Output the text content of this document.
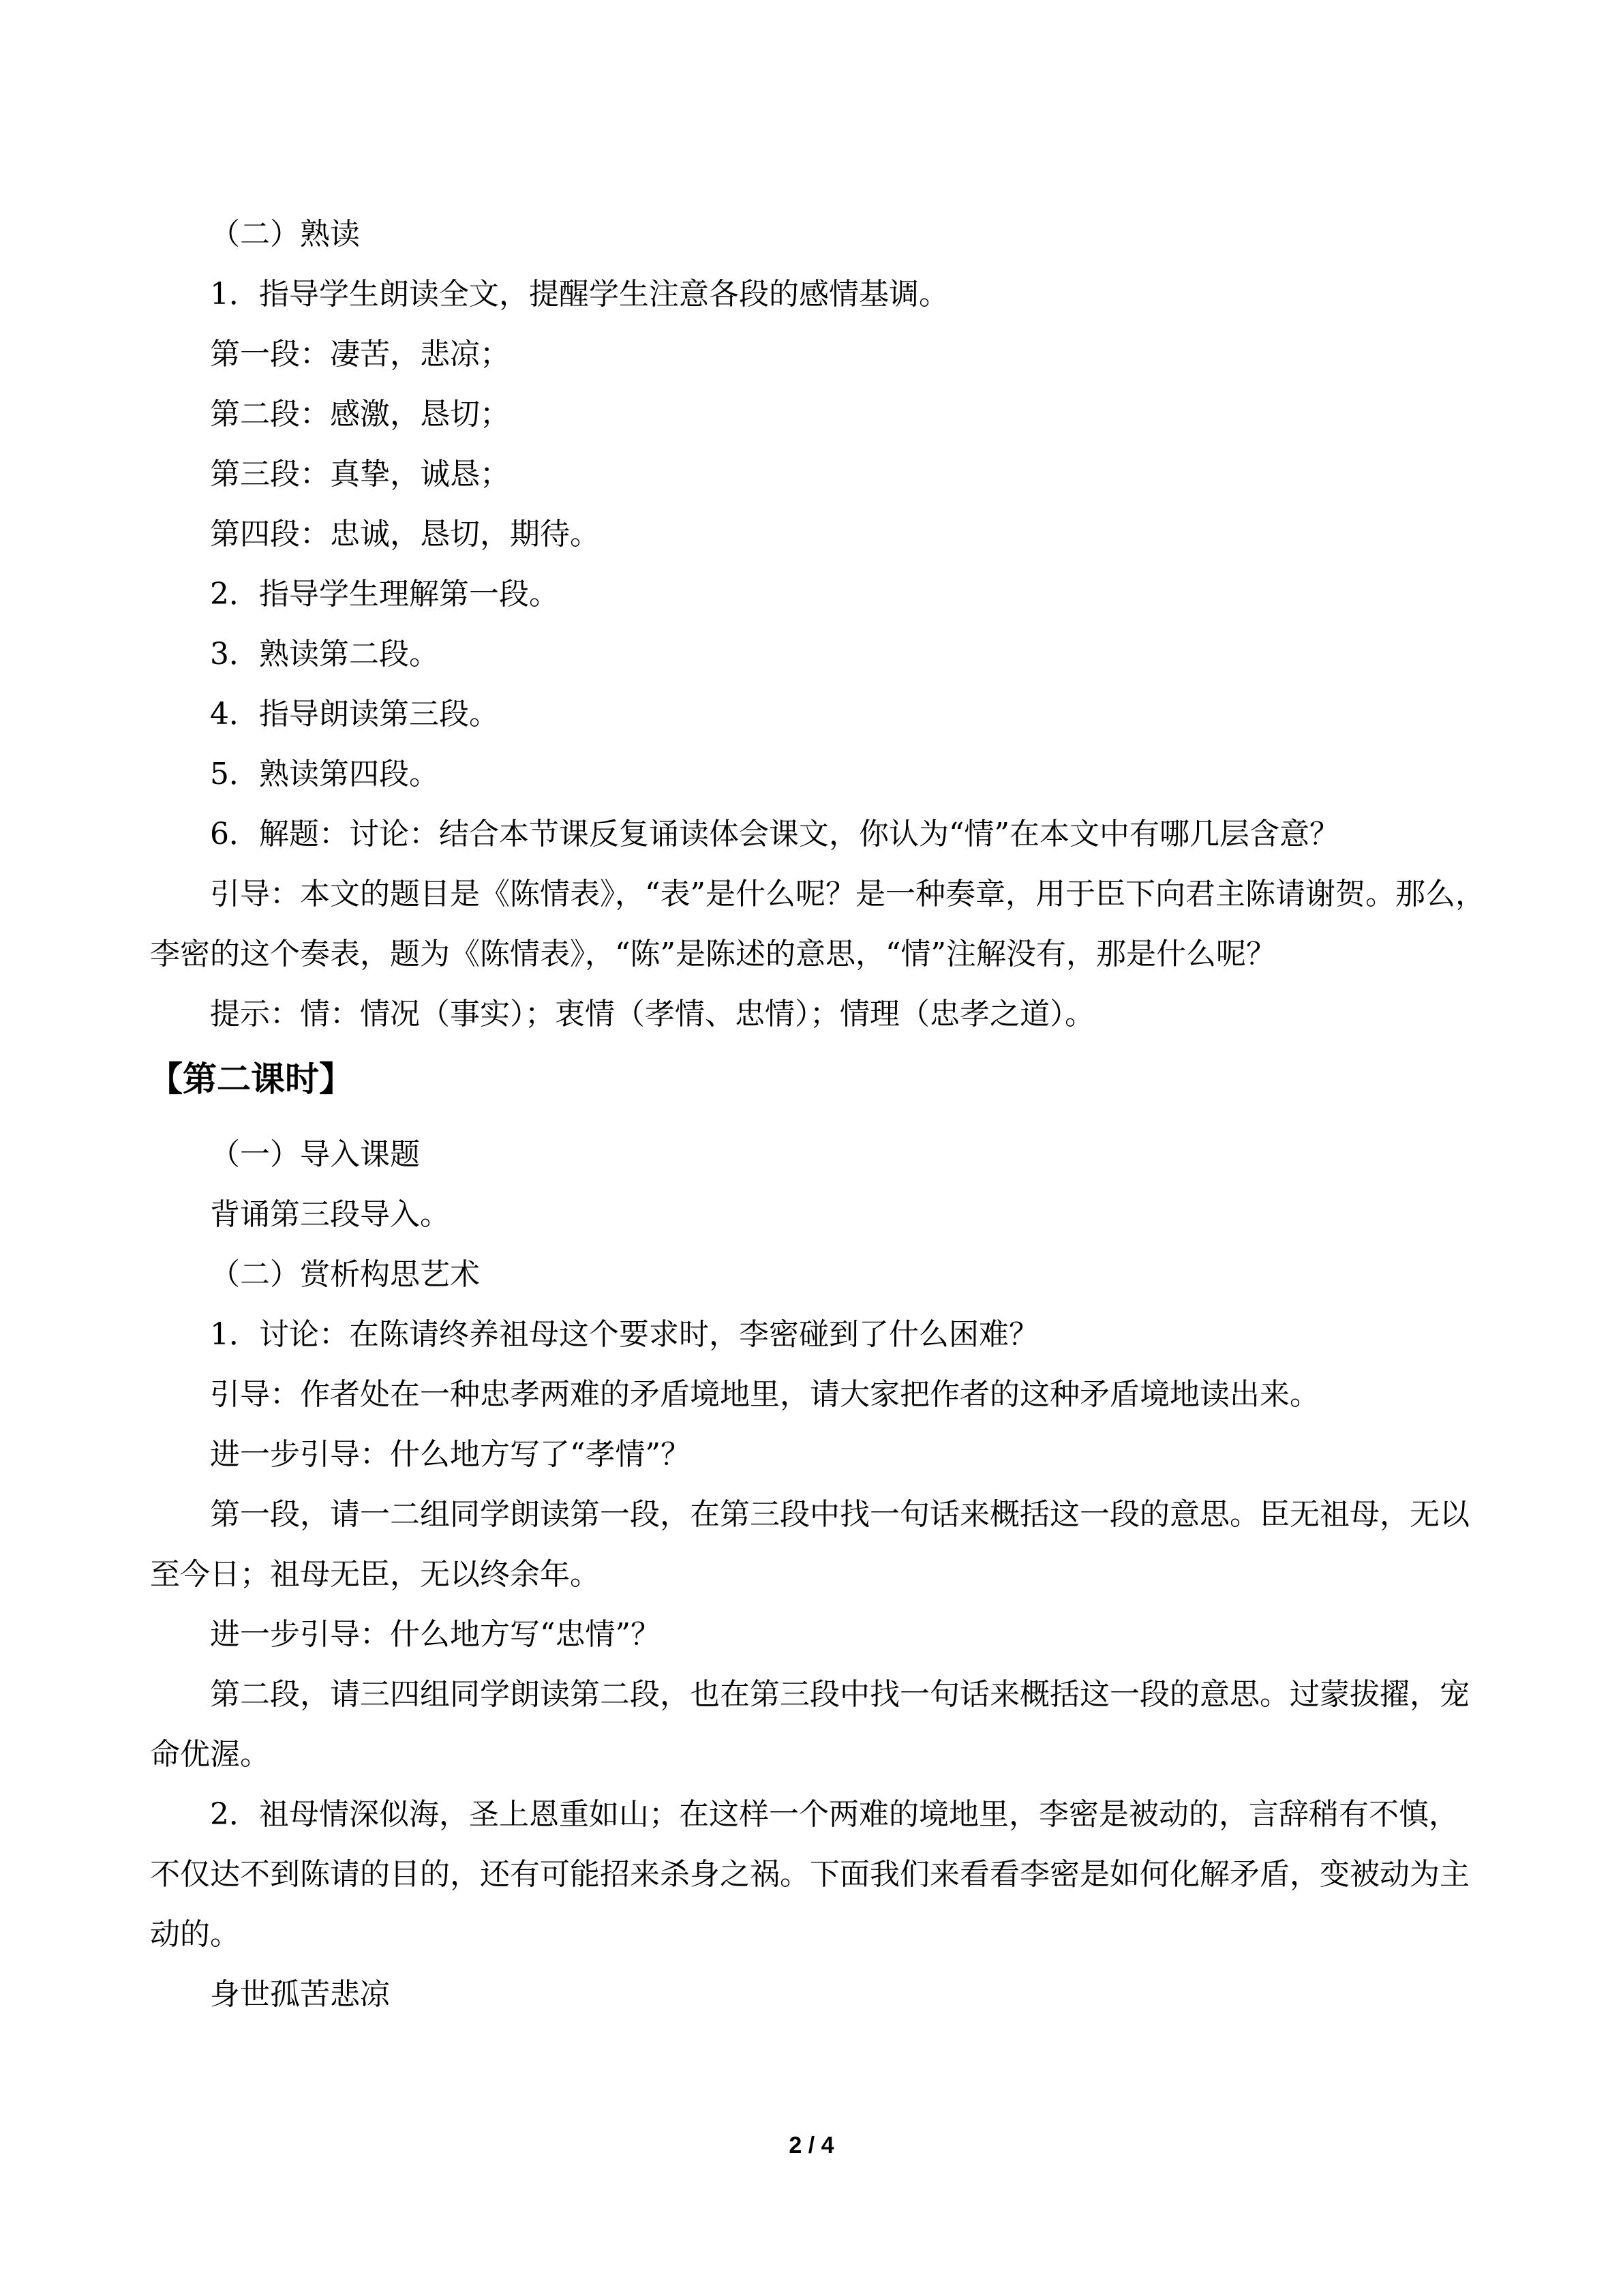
（二）熟读

1．指导学生朗读全文，提醒学生注意各段的感情基调。

第一段：凄苦，悲凉；

第二段：感激，恳切；

第三段：真挚，诚恳；

第四段：忠诚，恳切，期待。

2．指导学生理解第一段。

3．熟读第二段。

4．指导朗读第三段。

5．熟读第四段。

6．解题：讨论：结合本节课反复诵读体会课文，你认为“情”在本文中有哪几层含意？

引导：本文的题目是《陈情表》，“表”是什么呢？是一种奏章，用于臣下向君主陈请谢贺。那么，李密的这个奏表，题为《陈情表》，“陈”是陈述的意思，“情”注解没有，那是什么呢？

提示：情：情况（事实）；衷情（孝情、忠情）；情理（忠孝之道）。

【第二课时】

（一）导入课题

背诵第三段导入。

（二）赏析构思艺术

1．讨论：在陈请终养祖母这个要求时，李密碰到了什么困难？

引导：作者处在一种忠孝两难的矛盾境地里，请大家把作者的这种矛盾境地读出来。

进一步引导：什么地方写了“孝情”？

第一段，请一二组同学朗读第一段，在第三段中找一句话来概括这一段的意思。臣无祖母，无以至今日；祖母无臣，无以终余年。

进一步引导：什么地方写“忠情”？

第二段，请三四组同学朗读第二段，也在第三段中找一句话来概括这一段的意思。过蒙拔擢，宠命优渥。

2．祖母情深似海，圣上恩重如山；在这样一个两难的境地里，李密是被动的，言辞稍有不慎，不仅达不到陈请的目的，还有可能招来杀身之祸。下面我们来看看李密是如何化解矛盾，变被动为主动的。

身世孤苦悲凉

2 / 4
